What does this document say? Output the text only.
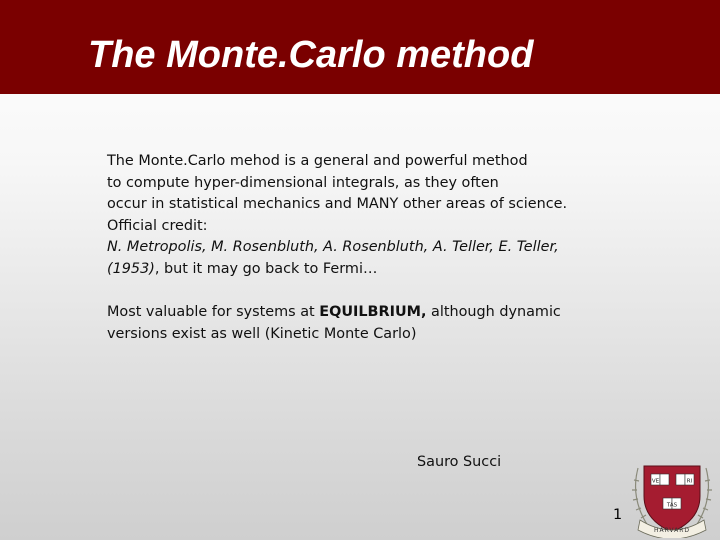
The Monte.Carlo method
The Monte.Carlo mehod is a general and powerful method
to compute hyper-dimensional integrals, as they often
occur in statistical mechanics and MANY other areas of science.
Official credit:
N. Metropolis, M. Rosenbluth, A. Rosenbluth, A. Teller, E. Teller,
(1953), but it may go back to Fermi…
Most valuable for systems at EQUILBRIUM, although dynamic
versions exist as well (Kinetic Monte Carlo)
Sauro Succi
VE	RI
TAS
HARVARD
1
